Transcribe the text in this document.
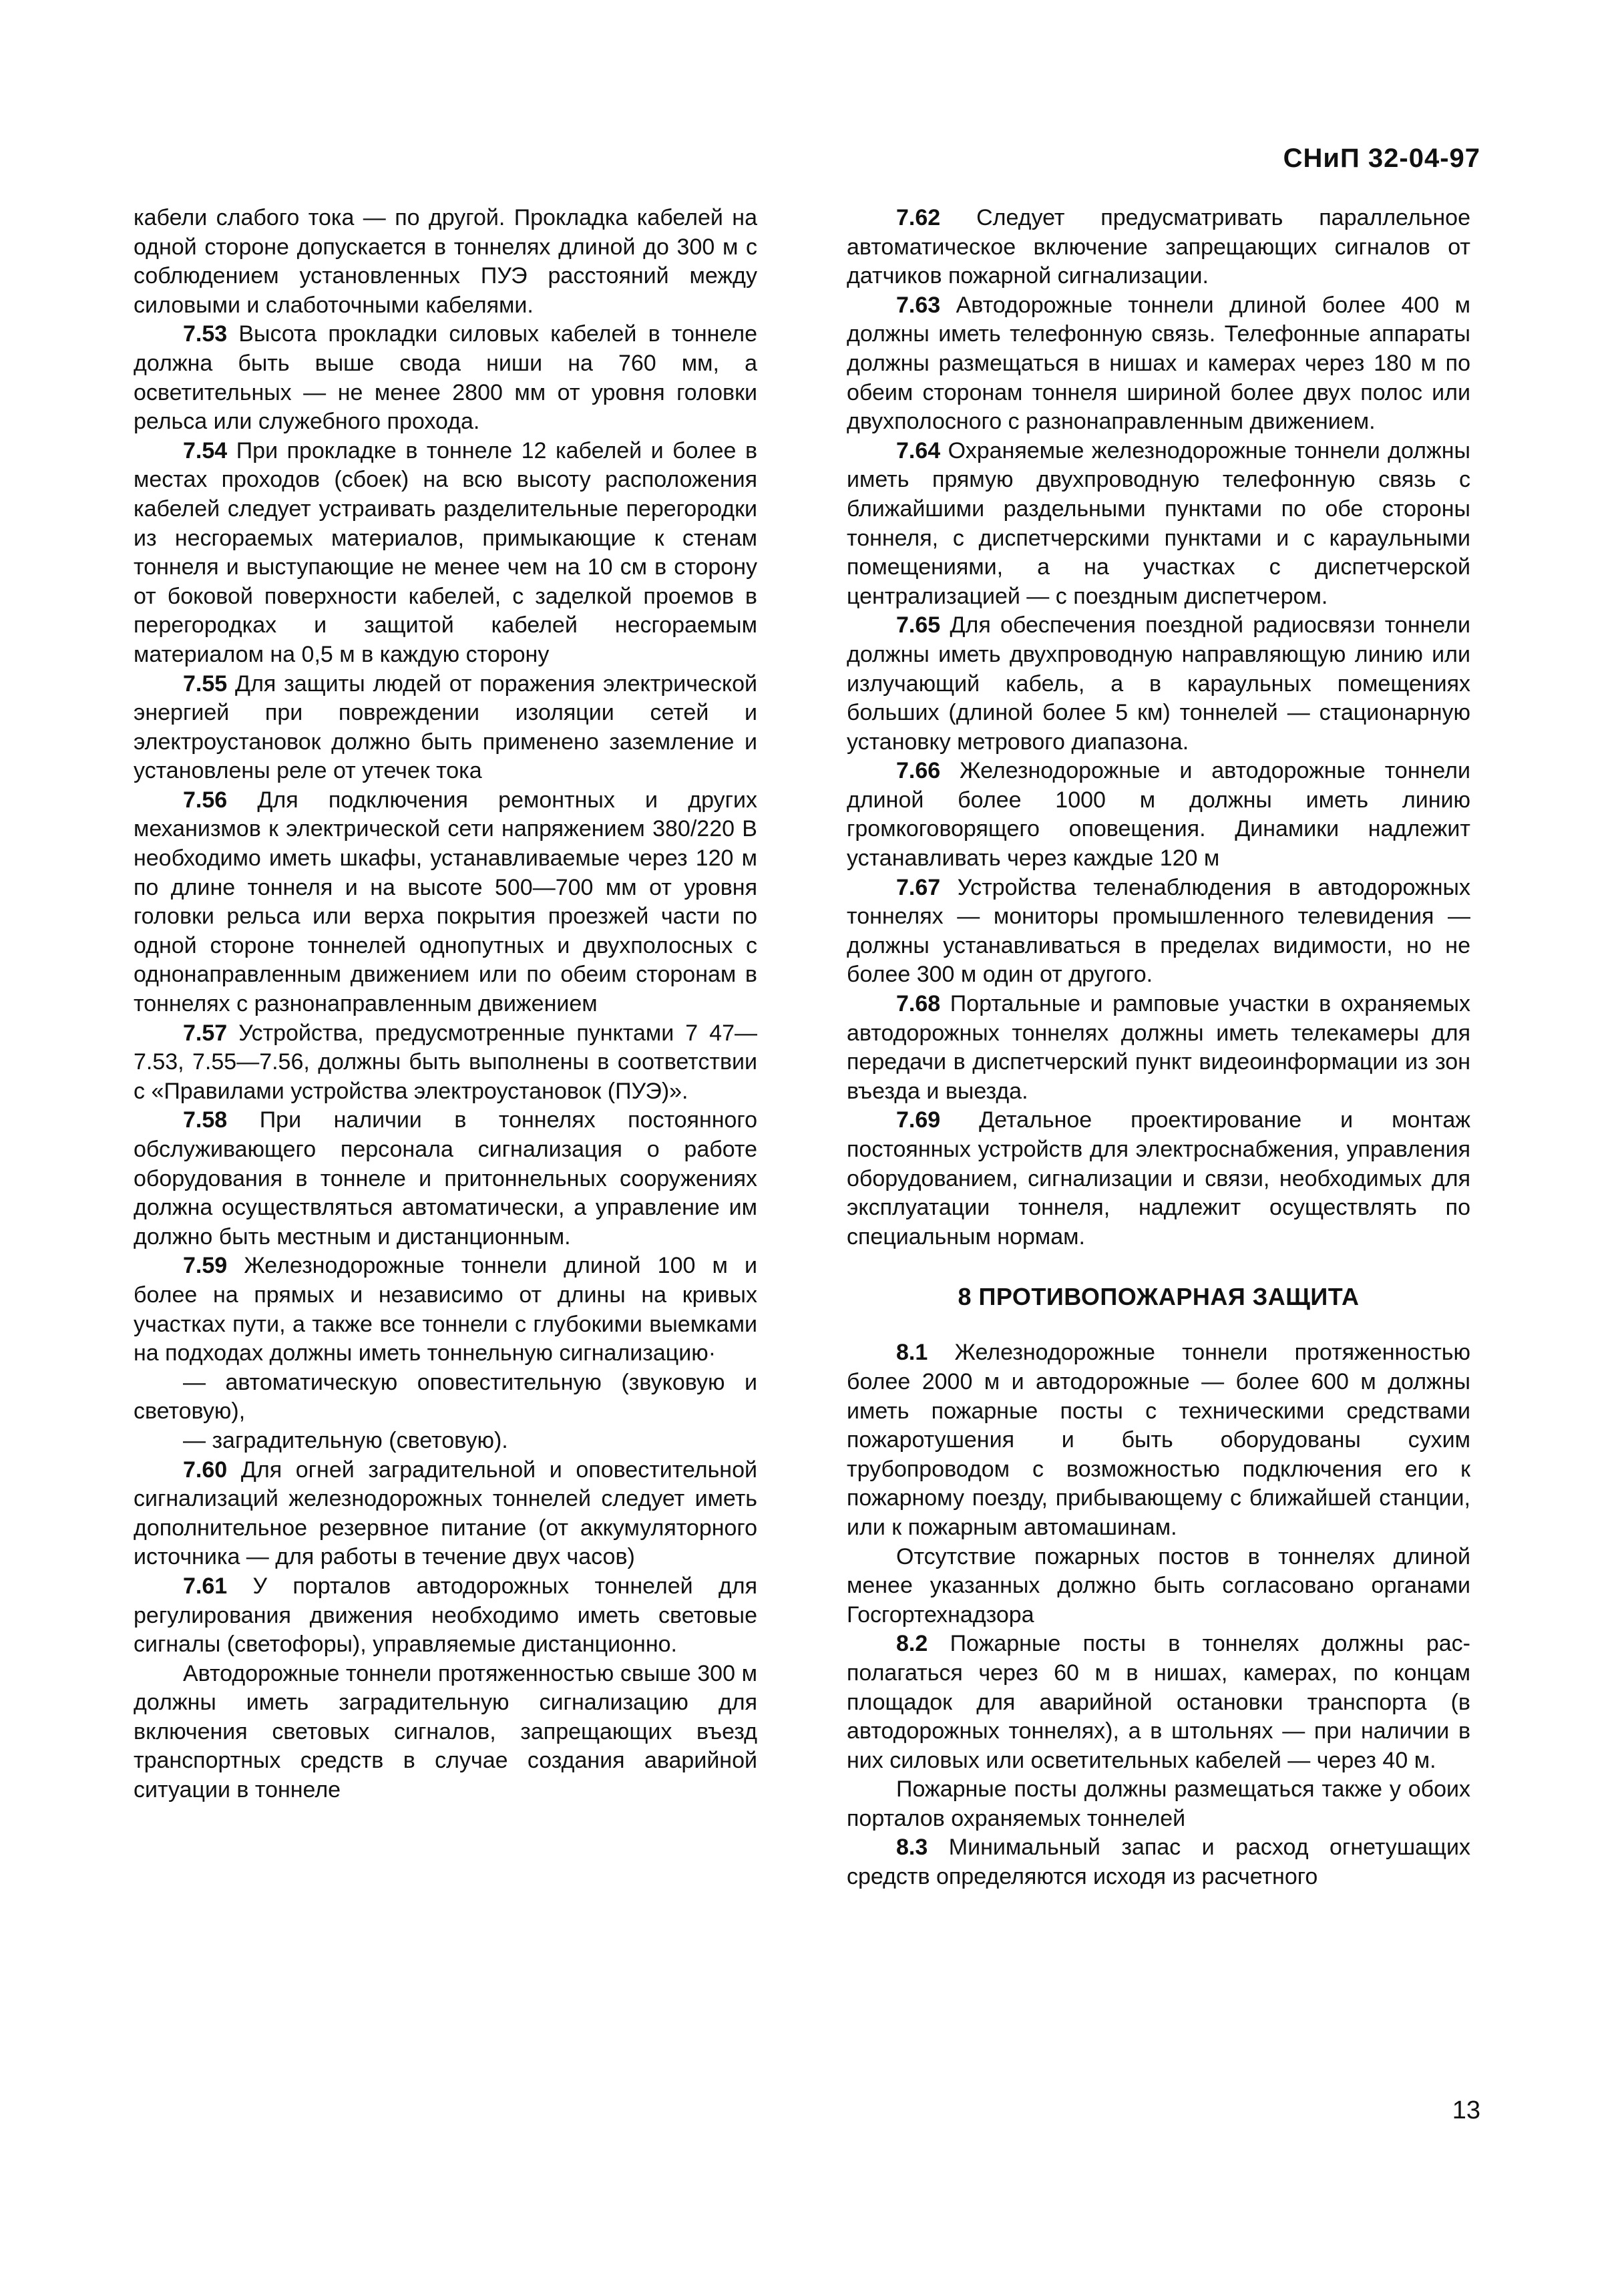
СНиП 32-04-97

кабели слабого тока — по другой. Прокладка кабелей на одной стороне допускается в тоннелях длиной до 300 м с соблюдением установленных ПУЭ расстояний между силовыми и слаботочными кабелями.

7.53 Высота прокладки силовых кабелей в тоннеле должна быть выше свода ниши на 760 мм, а осветительных — не менее 2800 мм от уровня головки рельса или служебного прохода.

7.54 При прокладке в тоннеле 12 кабелей и более в местах проходов (сбоек) на всю высоту расположения кабелей следует устраивать разделительные перегородки из несгораемых материалов, примыкающие к стенам тоннеля и выступающие не менее чем на 10 см в сторону от боковой поверхности кабелей, с заделкой проемов в перегородках и защитой кабелей несгораемым материалом на 0,5 м в каждую сторону

7.55 Для защиты людей от поражения электрической энергией при повреждении изоляции сетей и электроустановок должно быть применено заземление и установлены реле от утечек тока

7.56 Для подключения ремонтных и других механизмов к электрической сети напряжением 380/220 В необходимо иметь шкафы, устанавливаемые через 120 м по длине тоннеля и на высоте 500—700 мм от уровня головки рельса или верха покрытия проезжей части по одной стороне тоннелей однопутных и двухполосных с однонаправленным движением или по обеим сторонам в тоннелях с разнонаправленным движением

7.57 Устройства, предусмотренные пунктами 7 47—7.53, 7.55—7.56, должны быть выполнены в соответствии с «Правилами устройства электроустановок (ПУЭ)».

7.58 При наличии в тоннелях постоянного обслуживающего персонала сигнализация о работе оборудования в тоннеле и притоннельных сооружениях должна осуществляться автоматически, а управление им должно быть местным и дистанционным.

7.59 Железнодорожные тоннели длиной 100 м и более на прямых и независимо от длины на кривых участках пути, а также все тоннели с глубокими выемками на подходах должны иметь тоннельную сигнализацию·

— автоматическую оповестительную (звуковую и световую),

— заградительную (световую).

7.60 Для огней заградительной и оповестительной сигнализаций железнодорожных тоннелей следует иметь дополнительное резервное питание (от аккумуляторного источника — для работы в течение двух часов)

7.61 У порталов автодорожных тоннелей для регулирования движения необходимо иметь световые сигналы (светофоры), управляемые дистанционно.

Автодорожные тоннели протяженностью свыше 300 м должны иметь заградительную сигнализацию для включения световых сигналов, запрещающих въезд транспортных средств в случае создания аварийной ситуации в тоннеле

7.62 Следует предусматривать параллельное автоматическое включение запрещающих сигналов от датчиков пожарной сигнализации.

7.63 Автодорожные тоннели длиной более 400 м должны иметь телефонную связь. Телефонные аппараты должны размещаться в нишах и камерах через 180 м по обеим сторонам тоннеля шириной более двух полос или двухполосного с разнонаправленным движением.

7.64 Охраняемые железнодорожные тоннели должны иметь прямую двухпроводную телефонную связь с ближайшими раздельными пунктами по обе стороны тоннеля, с диспетчерскими пунктами и с караульными помещениями, а на участках с диспетчерской централизацией — с поездным диспетчером.

7.65 Для обеспечения поездной радиосвязи тоннели должны иметь двухпроводную направляющую линию или излучающий кабель, а в караульных помещениях больших (длиной более 5 км) тоннелей — стационарную установку метрового диапазона.

7.66 Железнодорожные и автодорожные тоннели длиной более 1000 м должны иметь линию громкоговорящего оповещения. Динамики надлежит устанавливать через каждые 120 м

7.67 Устройства теленаблюдения в автодорожных тоннелях — мониторы промышленного телевидения — должны устанавливаться в пределах видимости, но не более 300 м один от другого.

7.68 Портальные и рамповые участки в охраняемых автодорожных тоннелях должны иметь телекамеры для передачи в диспетчерский пункт видеоинформации из зон въезда и выезда.

7.69 Детальное проектирование и монтаж постоянных устройств для электроснабжения, управления оборудованием, сигнализации и связи, необходимых для эксплуатации тоннеля, надлежит осуществлять по специальным нормам.

8 ПРОТИВОПОЖАРНАЯ ЗАЩИТА

8.1 Железнодорожные тоннели протяженностью более 2000 м и автодорожные — более 600 м должны иметь пожарные посты с техническими средствами пожаротушения и быть оборудованы сухим трубопроводом с возможностью подключения его к пожарному поезду, прибывающему с ближайшей станции, или к пожарным автомашинам.

Отсутствие пожарных постов в тоннелях длиной менее указанных должно быть согласовано органами Госгортехнадзора

8.2 Пожарные посты в тоннелях должны располагаться через 60 м в нишах, камерах, по концам площадок для аварийной остановки транспорта (в автодорожных тоннелях), а в штольнях — при наличии в них силовых или осветительных кабелей — через 40 м.

Пожарные посты должны размещаться также у обоих порталов охраняемых тоннелей

8.3 Минимальный запас и расход огнетушащих средств определяются исходя из расчетного

13
